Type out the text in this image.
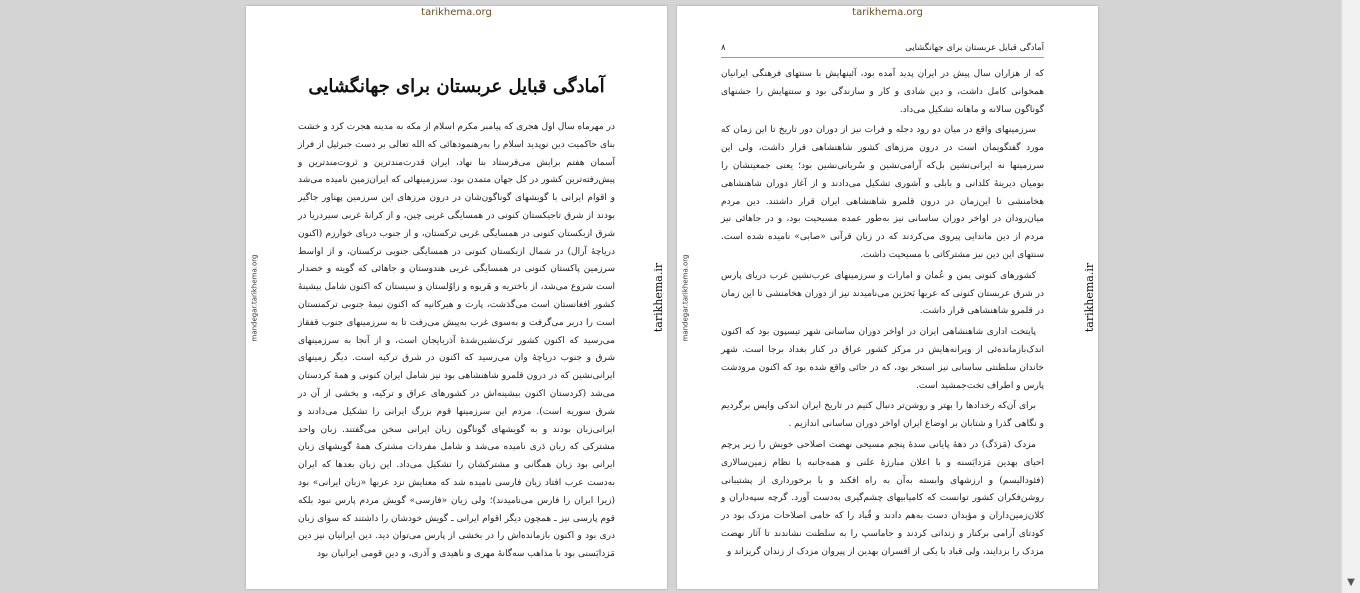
tarikhema.org
mandegar.tarikhema.org	tarikhema.ir
آمادگی قبایل عربستان برای جهانگشایی
در مهرماه سال اول هجری که پیامبر مکرم اسلام از مکه به مدینه هجرت کرد و خشت بنای حاکمیت دین نوپدید اسلام را به‌رهنمودهائی که الله تعالی بر دست جبرئیل از فراز آسمان هفتم برایش می‌فرستاد بنا نهاد، ایران قدرت‌مندترین و ثروت‌مندترین و پیش‌رفته‌ترین کشور در کل جهان متمدن بود. سرزمینهائی که ایران‌زمین نامیده می‌شد و اقوام ایرانی با گویشهای گوناگون‌شان در درون مرزهای این سرزمین پهناور جاگیر بودند از شرق تاجیکستان کنونی در همسایگی غربی چین، و از کرانهٔ غربی سیردریا در شرق ازبکستان کنونی در همسایگی غربی ترکستان، و از جنوب دریای خوارزم (اکنون دریاچهٔ آرال) در شمال ازبکستان کنونی در همسایگی جنوبی ترکستان، و از اواسط سرزمین پاکستان کنونی در همسایگی غربی هندوستان و جاهائی که گویته و خضدار است شروع می‌شد، از باختریه و هَریوه و زاوُلستان و سیستان که اکنون شامل بیشینهٔ کشور افغانستان است می‌گذشت، پارت و هیرکانیه که اکنون نیمهٔ جنوبی ترکمنستان است را دربر می‌گرفت و به‌سوی غرب به‌پیش می‌رفت تا به سرزمینهای جنوب قفقاز می‌رسید که اکنون کشور ترک‌نشین‌شدهٔ آذربایجان است، و از آنجا به سرزمینهای شرق و جنوب دریاچهٔ وان می‌رسید که اکنون در شرق ترکیه است. دیگر زمینهای ایرانی‌نشین که در درون قلمرو شاهنشاهی بود نیز شامل ایران کنونی و همهٔ کردستان می‌شد (کردستان اکنون بیشینه‌اش در کشورهای عراق و ترکیه، و بخشی از آن در شرق سوریه است). مردم این سرزمینها قوم بزرگ ایرانی را تشکیل می‌دادند و ایرانی‌زبان بودند و به گویشهای گوناگون زبان ایرانی سخن می‌گفتند. زبان واحد مشترکی که زبان دَری نامیده می‌شد و شامل مفردات مشترک همهٔ گویشهای زبان ایرانی بود زبان همگانی و مشترکشان را تشکیل می‌داد. این زبان بعدها که ایران به‌دست عرب افتاد زبان فارسی نامیده شد که معنایش نزد عربها «زبان ایرانی» بود (زیرا ایران را فارس می‌نامیدند)؛ ولی زبان «فارسی» گویش مردم پارس نبود بلکه قوم پارسی نیز ـ همچون دیگر اقوام ایرانی ـ گویش خودشان را داشتند که سوای زبان دری بود و اکنون بازمانده‌اش را در بخشی از پارس می‌توان دید. دین ایرانیان نیز دین مَزدایَسنی بود با مذاهب سه‌گانهٔ مهری و ناهیدی و آذری، و دین قومی ایرانیان بود
tarikhema.org
mandegar.tarikhema.org	tarikhema.ir
آمادگی قبایل عربستان برای جهانگشایی
۸

که از هزاران سال پیش در ایران پدید آمده بود، آئینهایش با سنتهای فرهنگی ایرانیان همخوانی کامل داشت، و دین شادی و کار و سازندگی بود و سنتهایش را جشنهای گوناگون سالانه و ماهانه تشکیل می‌داد.

سرزمینهای واقع در میان دو رود دجله و فرات نیز از دوران دور تاریخ تا این زمان که مورد گفتگویمان است در درون مرزهای کشور شاهنشاهی قرار داشت، ولی این سرزمینها نه ایرانی‌نشین بل‌که آرامی‌نشین و سُریانی‌نشین بود؛ یعنی جمعیتشان را بومیان دیرینهٔ کلدانی و بابلی و آشوری تشکیل می‌دادند و از آغاز دوران شاهنشاهی هخامنشی تا این‌زمان در درون قلمرو شاهنشاهی ایران قرار داشتند. دین مردم میان‌رودان در اواخر دوران ساسانی نیز به‌طور عمده مسیحیت بود، و در جاهائی نیز مردم از دین ماندایی پیروی می‌کردند که در زبان قرآنی «صابی» نامیده شده است. سنتهای این دین نیز مشترکاتی با مسیحیت داشت.

کشورهای کنونی یمن و عُمان و امارات و سرزمینهای عرب‌نشین غرب دریای پارس در شرق عربستان کنونی که عربها بَحرَین می‌نامیدند نیز از دوران هخامنشی تا این زمان در قلمرو شاهنشاهی قرار داشت.

پایتخت اداری شاهنشاهی ایران در اواخر دوران ساسانی شهر تیسپون بود که اکنون اندک‌بازمانده‌ئی از ویرانه‌هایش در مرکز کشور عراق در کنار بغداد برجا است. شهر خاندان سلطنتی ساسانی نیز استخر بود، که در جائی واقع شده بود که اکنون مرودشت پارس و اطراف تخت‌جمشید است.

برای آن‌که رخدادها را بهتر و روشن‌تر دنبال کنیم در تاریخ ایران اندکی واپس برگردیم و نگاهی گذرا و شتابان بر اوضاع ایران اواخر دوران ساسانی اندازیم .

مزدک (مَزدَگ) در دههٔ پایانی سدهٔ پنجم مسیحی نهضت اصلاحی خویش را زیر پرچم احیای بهدین مَزدایَسنه و با اعلان مبارزهٔ علنی و همه‌جانبه با نظام زمین‌سالاری (فئودالیسم) و ارزشهای وابسته به‌آن به راه افکند و با برخورداری از پشتیبانی روشن‌فکران کشور توانست که کامیابیهای چشم‌گیری به‌دست آورد. گرچه سپه‌داران و کلان‌زمین‌داران و مؤبدان دست به‌هم دادند و قُباد را که حامی اصلاحات مزدک بود در کودتای آرامی برکنار و زندانی کردند و جاماسپ را به سلطنت نشاندند تا آثار نهضت مزدک را بزدایند، ولی قباد با یکی از افسران بهدین از پیروان مزدک از زندان گریزاند و

▼
